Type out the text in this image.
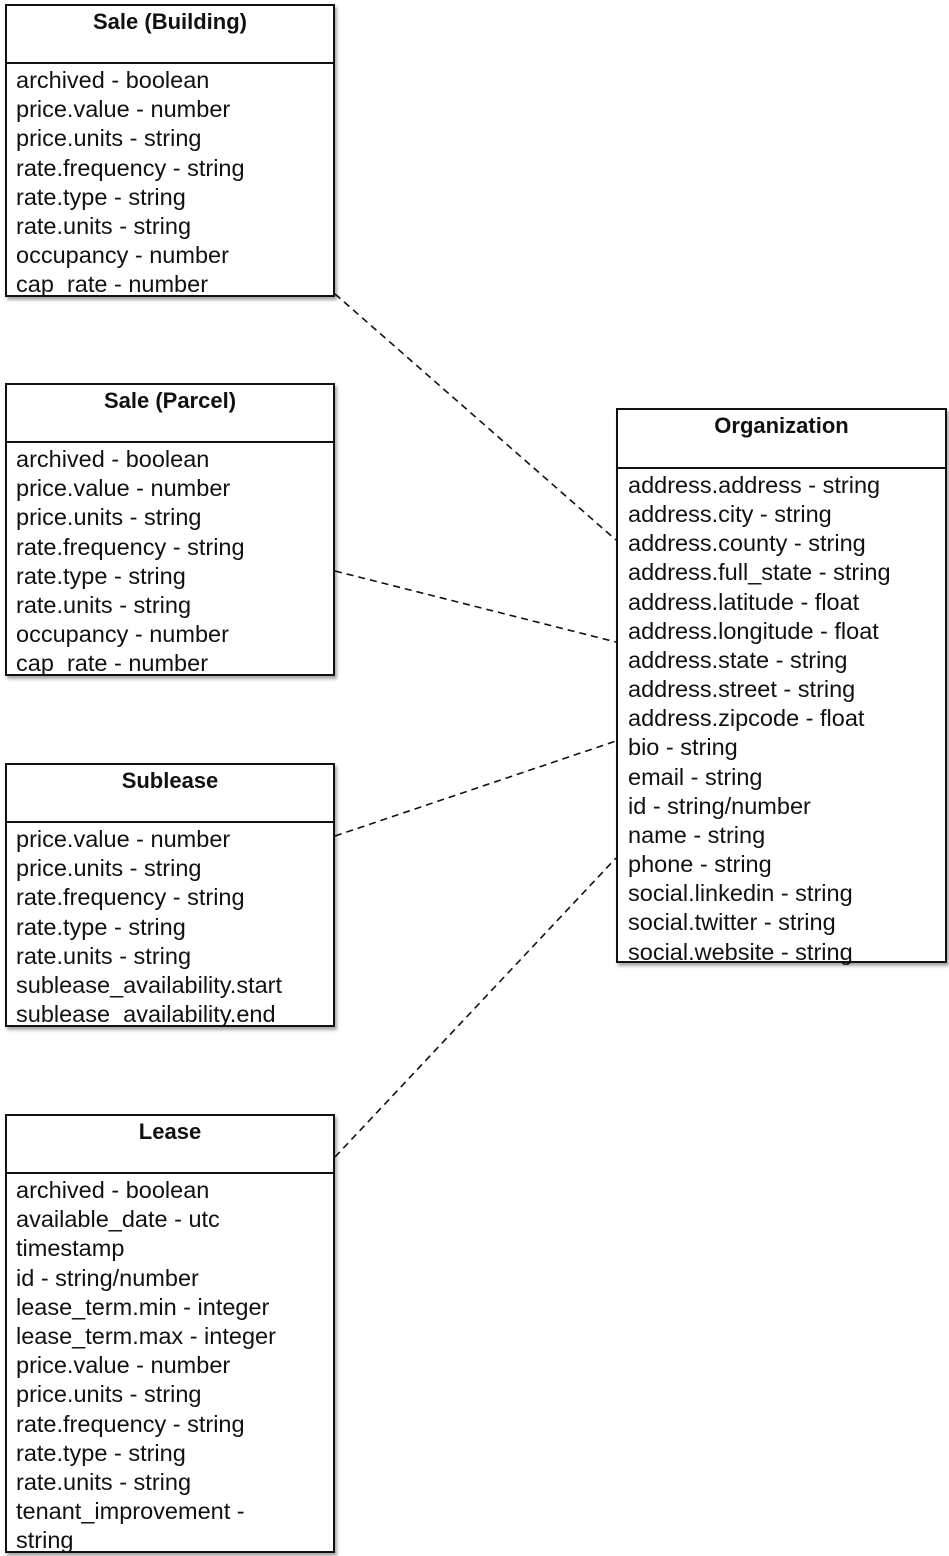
Sale (Building)
archived - boolean
price.value - number
price.units - string
rate.frequency - string
rate.type - string
rate.units - string
occupancy - number
cap_rate - number
Sale (Parcel)
archived - boolean
price.value - number
price.units - string
rate.frequency - string
rate.type - string
rate.units - string
occupancy - number
cap_rate - number
Sublease
price.value - number
price.units - string
rate.frequency - string
rate.type - string
rate.units - string
sublease_availability.start
sublease_availability.end
Lease
archived - boolean
available_date - utc
timestamp
id - string/number
lease_term.min - integer
lease_term.max - integer
price.value - number
price.units - string
rate.frequency - string
rate.type - string
rate.units - string
tenant_improvement -
string
Organization
address.address - string
address.city - string
address.county - string
address.full_state - string
address.latitude - float
address.longitude - float
address.state - string
address.street - string
address.zipcode - float
bio - string
email - string
id - string/number
name - string
phone - string
social.linkedin - string
social.twitter - string
social.website - string
